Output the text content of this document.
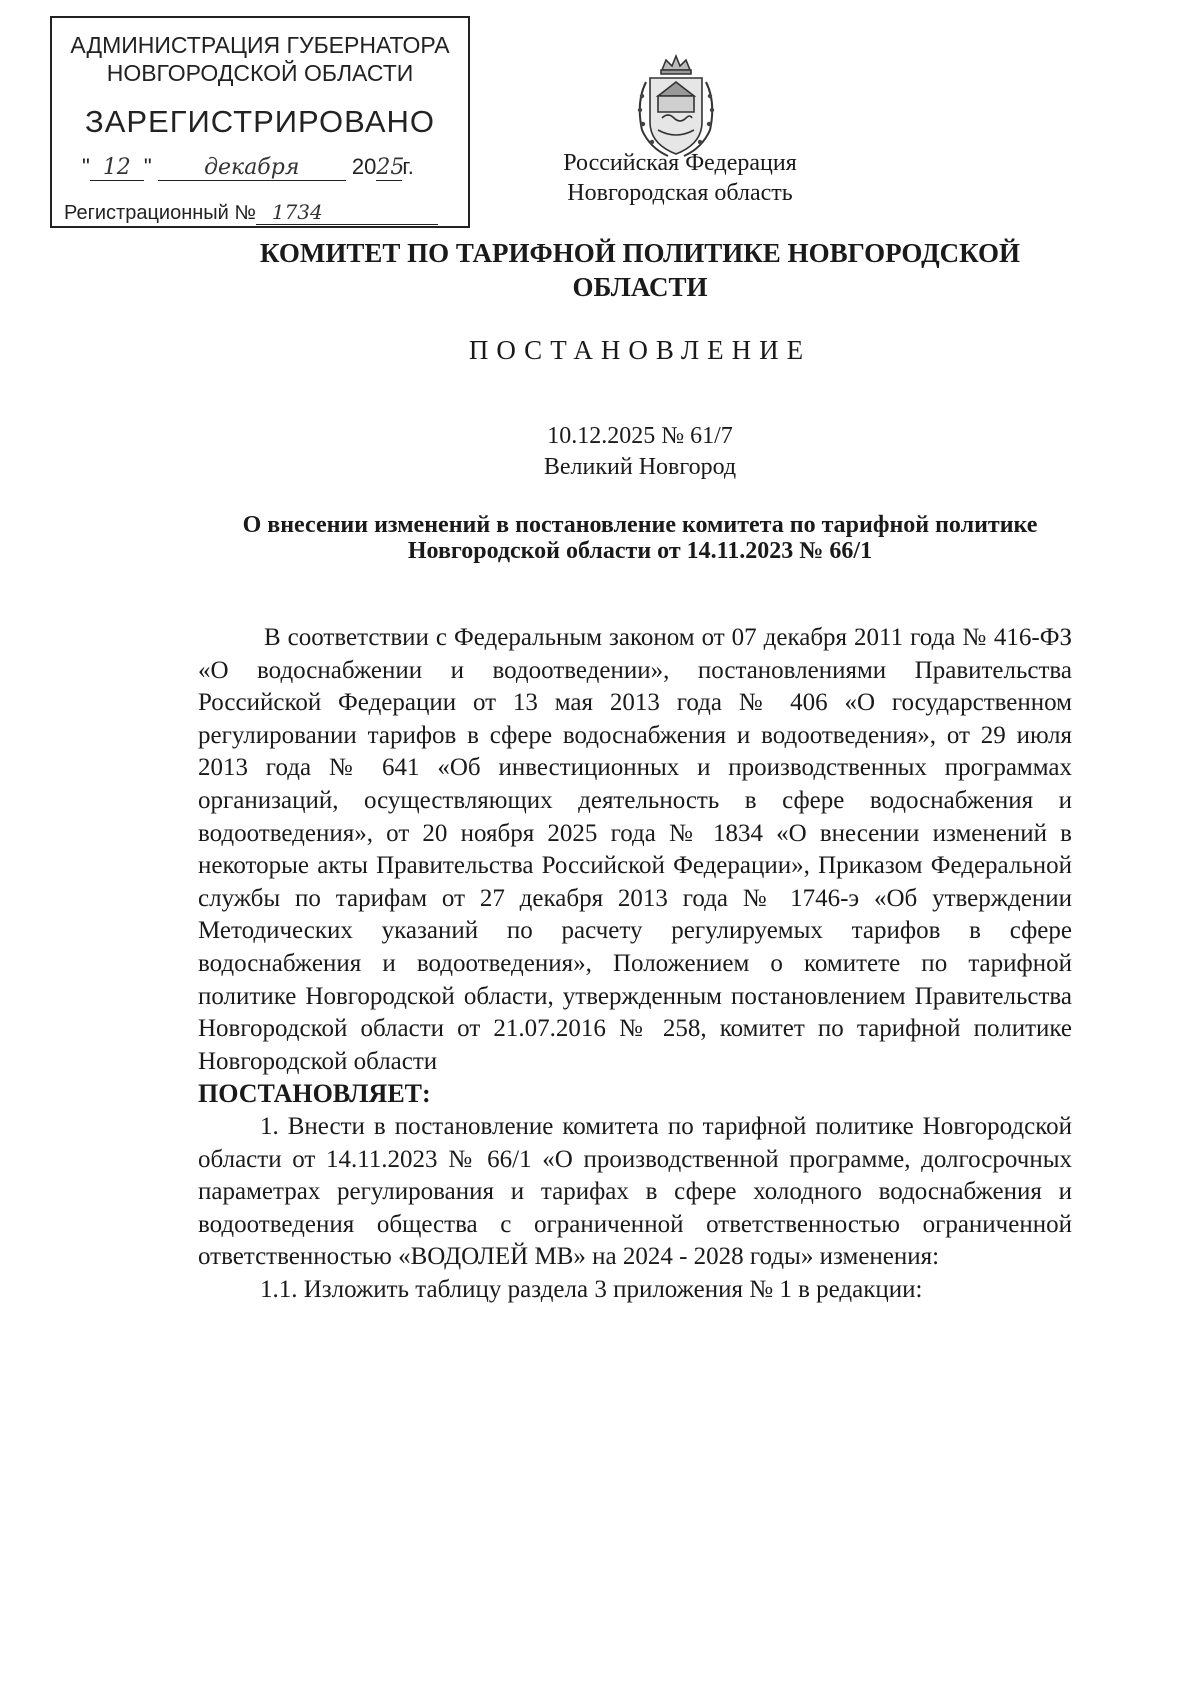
АДМИНИСТРАЦИЯ ГУБЕРНАТОРА
НОВГОРОДСКОЙ ОБЛАСТИ
ЗАРЕГИСТРИРОВАНО
" 12 " декабря 2025г.
Регистрационный № 1734
Российская Федерация
Новгородская область
КОМИТЕТ ПО ТАРИФНОЙ ПОЛИТИКЕ НОВГОРОДСКОЙ ОБЛАСТИ
ПОСТАНОВЛЕНИЕ
10.12.2025 № 61/7
Великий Новгород
О внесении изменений в постановление комитета по тарифной политике
Новгородской области от 14.11.2023 № 66/1

В соответствии с Федеральным законом от 07 декабря 2011 года № 416-ФЗ «О водоснабжении и водоотведении», постановлениями Правительства Российской Федерации от 13 мая 2013 года № 406 «О государственном регулировании тарифов в сфере водоснабжения и водоотведения», от 29 июля 2013 года № 641 «Об инвестиционных и производственных программах организаций, осуществляющих деятельность в сфере водоснабжения и водоотведения», от 20 ноября 2025 года № 1834 «О внесении изменений в некоторые акты Правительства Российской Федерации», Приказом Федеральной службы по тарифам от 27 декабря 2013 года № 1746-э «Об утверждении Методических указаний по расчету регулируемых тарифов в сфере водоснабжения и водоотведения», Положением о комитете по тарифной политике Новгородской области, утвержденным постановлением Правительства Новгородской области от 21.07.2016 № 258, комитет по тарифной политике Новгородской области

ПОСТАНОВЛЯЕТ:

1. Внести в постановление комитета по тарифной политике Новгородской области от 14.11.2023 № 66/1 «О производственной программе, долгосрочных параметрах регулирования и тарифах в сфере холодного водоснабжения и водоотведения общества с ограниченной ответственностью ограниченной ответственностью «ВОДОЛЕЙ МВ» на 2024 - 2028 годы» изменения:

1.1. Изложить таблицу раздела 3 приложения № 1 в редакции:
